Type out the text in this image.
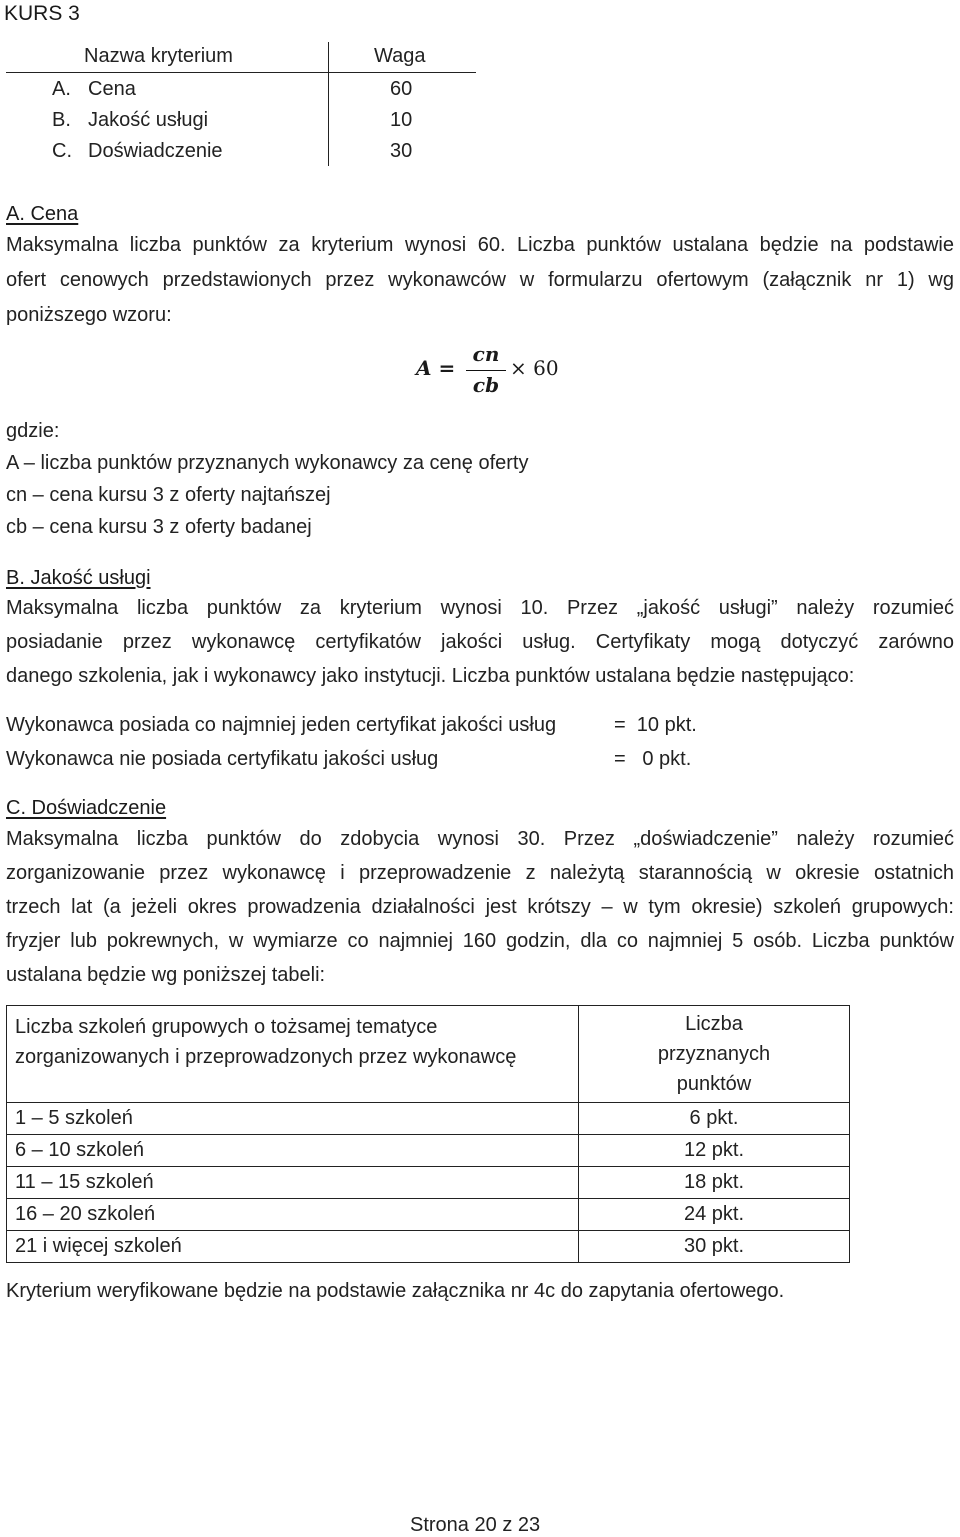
KURS 3
Nazwa kryterium	Waga
A. Cena	60
B. Jakość usługi	10
C. Doświadczenie	30
A. Cena
Maksymalna liczba punktów za kryterium wynosi 60. Liczba punktów ustalana będzie na podstawie
ofert cenowych przedstawionych przez wykonawców w formularzu ofertowym (załącznik nr 1) wg
poniższego wzoru:
A =
cn
cb
× 60
gdzie:
A – liczba punktów przyznanych wykonawcy za cenę oferty
cn – cena kursu 3 z oferty najtańszej
cb – cena kursu 3 z oferty badanej
B. Jakość usługi
Maksymalna liczba punktów za kryterium wynosi 10. Przez „jakość usługi” należy rozumieć
posiadanie przez wykonawcę certyfikatów jakości usług. Certyfikaty mogą dotyczyć zarówno
danego szkolenia, jak i wykonawcy jako instytucji. Liczba punktów ustalana będzie następująco:
Wykonawca posiada co najmniej jeden certyfikat jakości usług	=  10 pkt.
Wykonawca nie posiada certyfikatu jakości usług	=   0 pkt.
C. Doświadczenie
Maksymalna liczba punktów do zdobycia wynosi 30. Przez „doświadczenie” należy rozumieć
zorganizowanie przez wykonawcę i przeprowadzenie z należytą starannością w okresie ostatnich
trzech lat (a jeżeli okres prowadzenia działalności jest krótszy – w tym okresie) szkoleń grupowych:
fryzjer lub pokrewnych, w wymiarze co najmniej 160 godzin, dla co najmniej 5 osób. Liczba punktów
ustalana będzie wg poniższej tabeli:
Liczba szkoleń grupowych o tożsamej tematyce zorganizowanych i przeprowadzonych przez wykonawcę	Liczba przyznanych punktów
1 – 5 szkoleń	6 pkt.
6 – 10 szkoleń	12 pkt.
11 – 15 szkoleń	18 pkt.
16 – 20 szkoleń	24 pkt.
21 i więcej szkoleń	30 pkt.
Kryterium weryfikowane będzie na podstawie załącznika nr 4c do zapytania ofertowego.
Strona 20 z 23
